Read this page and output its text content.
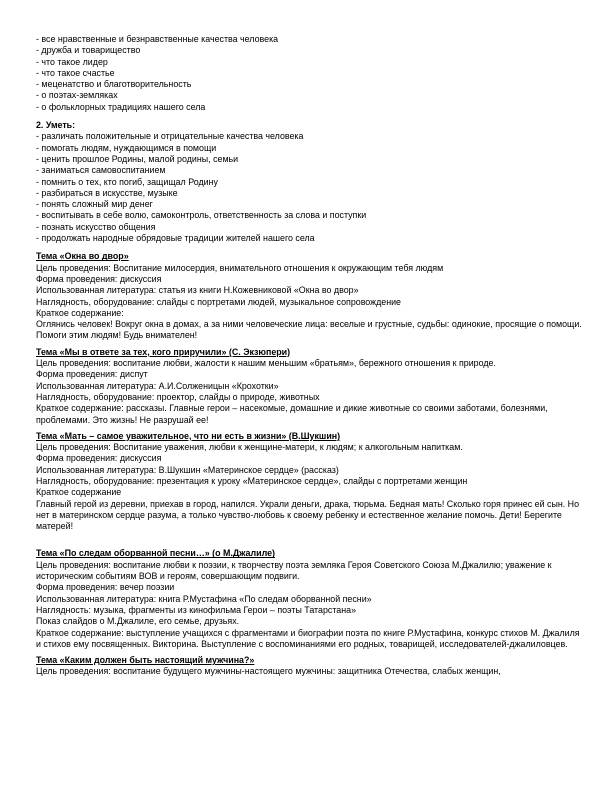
- все нравственные и безнравственные качества человека
- дружба и товарищество
- что такое лидер
- что такое счастье
- меценатство и благотворительность
- о поэтах-земляках
- о фольклорных традициях нашего села
2. Уметь:
- различать положительные и отрицательные качества человека
- помогать людям, нуждающимся в помощи
- ценить прошлое Родины, малой родины, семьи
- заниматься самовоспитанием
- помнить о тех, кто погиб, защищал Родину
- разбираться в искусстве, музыке
- понять сложный мир денег
- воспитывать в себе волю, самоконтроль, ответственность за слова и поступки
- познать искусство общения
- продолжать народные обрядовые традиции жителей нашего села
Тема «Окна во двор»
Цель проведения: Воспитание милосердия, внимательного отношения к окружающим тебя людям
Форма проведения: дискуссия
Использованная литература: статья из книги Н.Кожевниковой «Окна во двор»
Наглядность, оборудование: слайды с портретами людей, музыкальное сопровождение
Краткое содержание:
Оглянись человек! Вокруг окна в домах, а за ними человеческие лица: веселые и грустные, судьбы: одинокие, просящие о помощи. Помоги этим людям! Будь внимателен!
Тема «Мы в ответе за тех, кого приручили» (С. Экзюпери)
Цель проведения: воспитание любви, жалости к нашим меньшим «братьям», бережного отношения к природе.
Форма проведения: диспут
Использованная литература: А.И.Солженицын «Крохотки»
Наглядность, оборудование: проектор, слайды о природе, животных
Краткое содержание: рассказы. Главные герои – насекомые, домашние и дикие животные со своими заботами, болезнями, проблемами. Это жизнь! Не разрушай ее!
Тема «Мать – самое уважительное, что ни есть в жизни» (В.Шукшин)
Цель проведения: Воспитание уважения, любви к женщине-матери, к людям; к алкогольным напиткам.
Форма проведения: дискуссия
Использованная литература: В.Шукшин «Материнское сердце» (рассказ)
Наглядность, оборудование: презентация к уроку «Материнское сердце», слайды с портретами женщин
Краткое содержание
Главный герой из деревни, приехав в город, напился. Украли деньги, драка, тюрьма. Бедная мать! Сколько горя принес ей сын. Но нет в материнском сердце разума, а только чувство-любовь к своему ребенку и естественное желание помочь. Дети! Берегите матерей!
Тема «По следам оборванной песни…» (о М.Джалиле)
Цель проведения: воспитание любви к поэзии, к творчеству поэта земляка Героя Советского Союза М.Джалилю; уважение к историческим событиям ВОВ и героям, совершающим подвиги.
Форма проведения: вечер поэзии
Использованная литература: книга Р.Мустафина «По следам оборванной песни»
Наглядность: музыка, фрагменты из кинофильма Герои – поэты Татарстана»
Показ слайдов о М.Джалиле, его семье, друзьях.
Краткое содержание: выступление учащихся с фрагментами и биографии поэта по книге Р.Мустафина, конкурс стихов М. Джалиля и стихов ему посвященных. Викторина. Выступление с воспоминаниями его родных, товарищей, исследователей-джалиловцев.
Тема «Каким должен быть настоящий мужчина?»
Цель проведения: воспитание будущего мужчины-настоящего мужчины: защитника Отечества, слабых женщин,
